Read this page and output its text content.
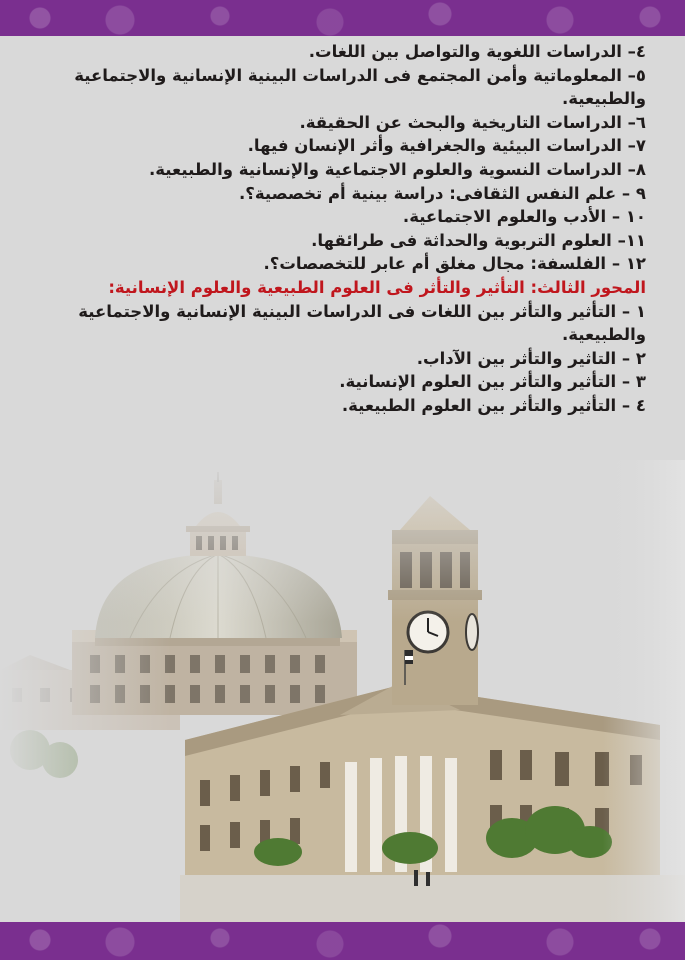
٤– الدراسات اللغوية والتواصل بين اللغات.

٥– المعلوماتية وأمن المجتمع فى الدراسات البينية الإنسانية والاجتماعية والطبيعية.

٦– الدراسات التاريخية والبحث عن الحقيقة.

٧– الدراسات البيئية والجغرافية وأثر الإنسان فيها.

٨– الدراسات النسوية والعلوم الاجتماعية والإنسانية والطبيعية.

٩ – علم النفس الثقافى: دراسة بينية أم تخصصية؟.

١٠ – الأدب والعلوم الاجتماعية.

١١– العلوم التربوية والحداثة فى طرائقها.

١٢ – الفلسفة: مجال مغلق أم عابر للتخصصات؟.

المحور الثالث: التأثير والتأثر فى العلوم الطبيعية والعلوم الإنسانية:

١ – التأثير والتأثر بين اللغات فى الدراسات البينية الإنسانية والاجتماعية والطبيعية.

٢ – التاثير والتأثر بين الآداب.

٣ – التأثير والتأثر بين العلوم الإنسانية.

٤ – التأثير والتأثر بين العلوم الطبيعية.
